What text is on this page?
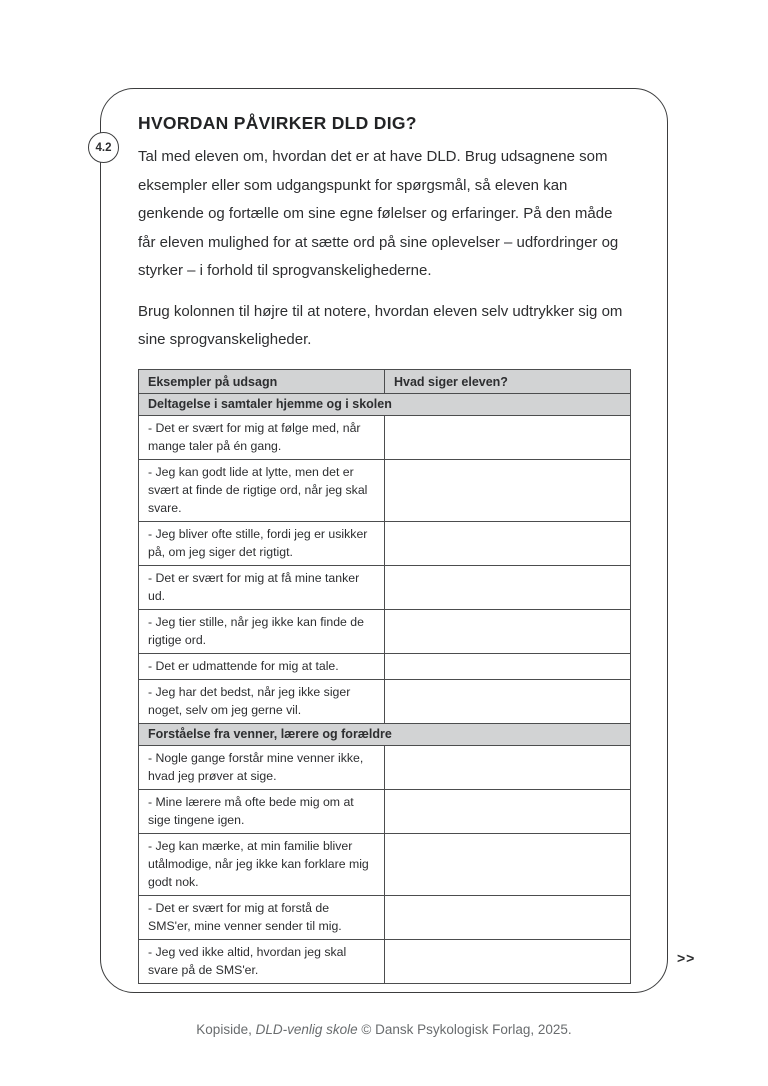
4.2
HVORDAN PÅVIRKER DLD DIG?

Tal med eleven om, hvordan det er at have DLD. Brug udsagnene som eksempler eller som udgangspunkt for spørgsmål, så eleven kan genkende og fortælle om sine egne følelser og erfaringer. På den måde får eleven mulighed for at sætte ord på sine oplevelser – udfordringer og styrker – i forhold til sprogvanskelighederne.

Brug kolonnen til højre til at notere, hvordan eleven selv udtrykker sig om sine sprogvanskeligheder.

Eksempler på udsagn	Hvad siger eleven?
Deltagelse i samtaler hjemme og i skolen	
- Det er svært for mig at følge med, når mange taler på én gang.	
- Jeg kan godt lide at lytte, men det er svært at finde de rigtige ord, når jeg skal svare.	
- Jeg bliver ofte stille, fordi jeg er usikker på, om jeg siger det rigtigt.	
- Det er svært for mig at få mine tanker ud.	
- Jeg tier stille, når jeg ikke kan finde de rigtige ord.	
- Det er udmattende for mig at tale.	
- Jeg har det bedst, når jeg ikke siger noget, selv om jeg gerne vil.	
Forståelse fra venner, lærere og forældre	
- Nogle gange forstår mine venner ikke, hvad jeg prøver at sige.	
- Mine lærere må ofte bede mig om at sige tingene igen.	
- Jeg kan mærke, at min familie bliver utålmodige, når jeg ikke kan forklare mig godt nok.	
- Det er svært for mig at forstå de SMS'er, mine venner sender til mig.	
- Jeg ved ikke altid, hvordan jeg skal svare på de SMS'er.	
>>
Kopiside, DLD-venlig skole © Dansk Psykologisk Forlag, 2025.
